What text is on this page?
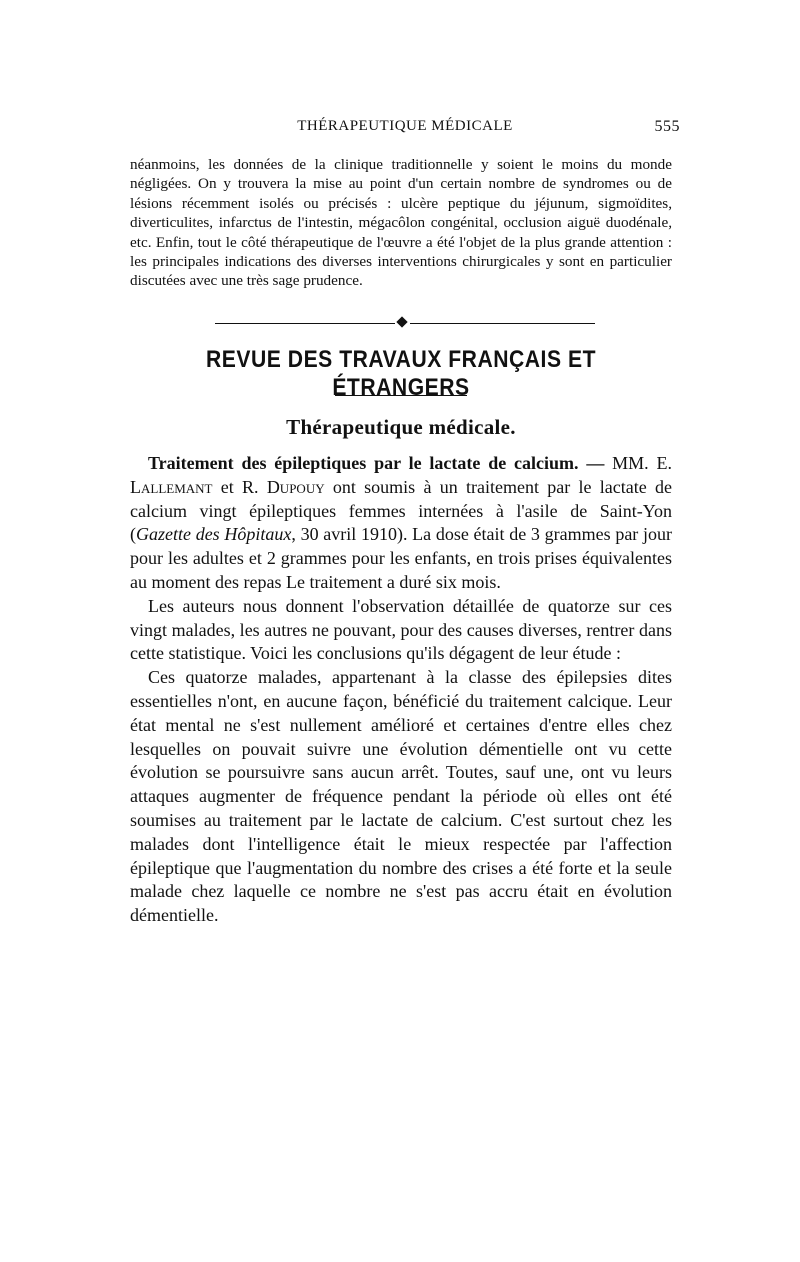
THÉRAPEUTIQUE MÉDICALE	555

néanmoins, les données de la clinique traditionnelle y soient le moins du monde négligées. On y trouvera la mise au point d'un certain nombre de syndromes ou de lésions récemment isolés ou précisés : ulcère peptique du jéjunum, sigmoïdites, diverticulites, infarctus de l'intestin, mégacôlon congénital, occlusion aiguë duodénale, etc. Enfin, tout le côté thérapeutique de l'œuvre a été l'objet de la plus grande attention : les principales indications des diverses interventions chirurgicales y sont en particulier discutées avec une très sage prudence.

REVUE DES TRAVAUX FRANÇAIS ET ÉTRANGERS
Thérapeutique médicale.

Traitement des épileptiques par le lactate de calcium. — MM. E. Lallemant et R. Dupouy ont soumis à un traitement par le lactate de calcium vingt épileptiques femmes internées à l'asile de Saint-Yon (Gazette des Hôpitaux, 30 avril 1910). La dose était de 3 grammes par jour pour les adultes et 2 grammes pour les enfants, en trois prises équivalentes au moment des repas Le traitement a duré six mois.

Les auteurs nous donnent l'observation détaillée de quatorze sur ces vingt malades, les autres ne pouvant, pour des causes diverses, rentrer dans cette statistique. Voici les conclusions qu'ils dégagent de leur étude :

Ces quatorze malades, appartenant à la classe des épilepsies dites essentielles n'ont, en aucune façon, bénéficié du traitement calcique. Leur état mental ne s'est nullement amélioré et certaines d'entre elles chez lesquelles on pouvait suivre une évolution démentielle ont vu cette évolution se poursuivre sans aucun arrêt. Toutes, sauf une, ont vu leurs attaques augmenter de fréquence pendant la période où elles ont été soumises au traitement par le lactate de calcium. C'est surtout chez les malades dont l'intelligence était le mieux respectée par l'affection épileptique que l'augmentation du nombre des crises a été forte et la seule malade chez laquelle ce nombre ne s'est pas accru était en évolution démentielle.
